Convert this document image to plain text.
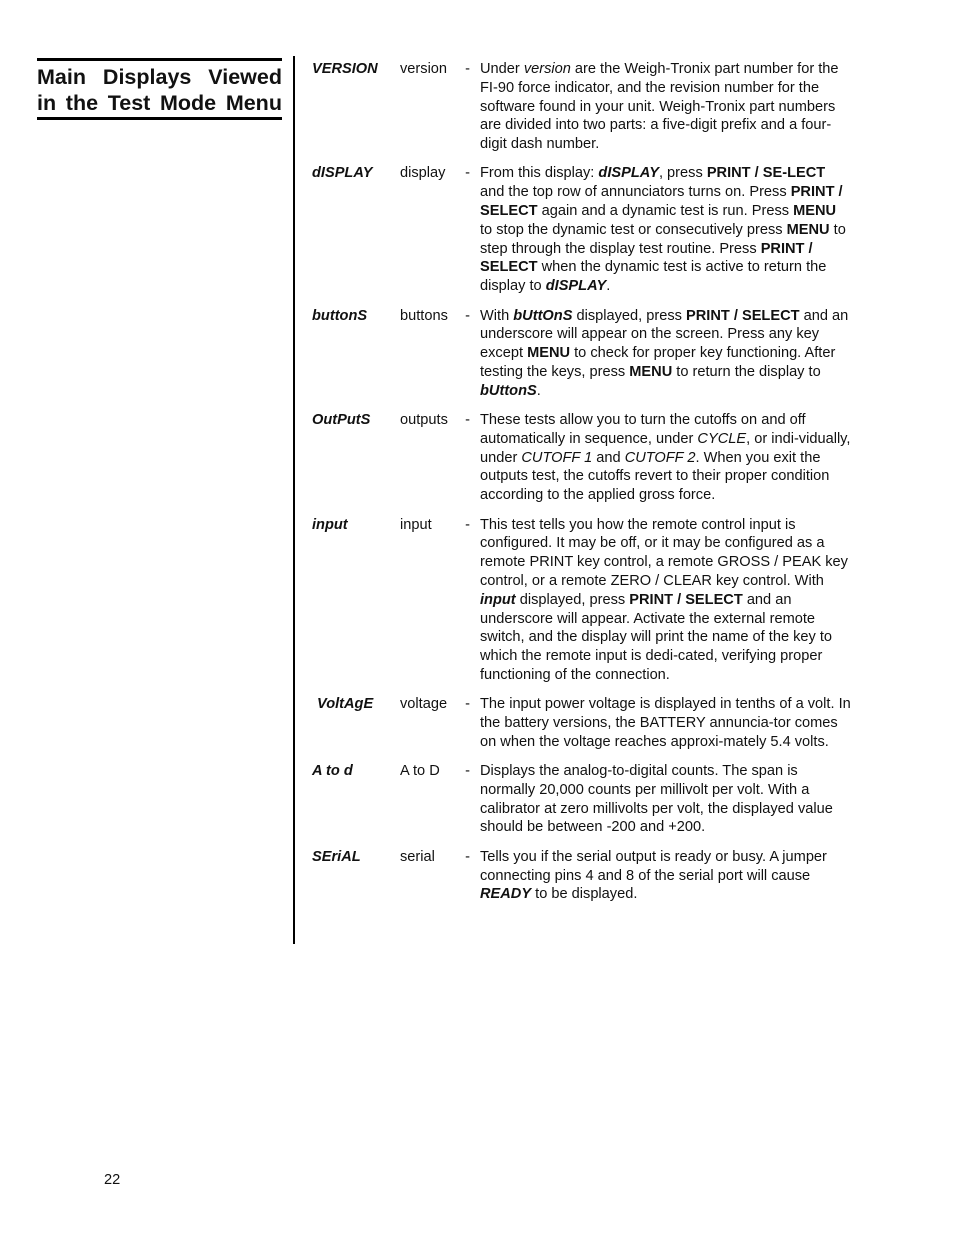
Main Displays Viewed
in the Test Mode Menu
VERSION	version - Under version are the Weigh-Tronix part number for the FI-90 force indicator, and the revision number for the software found in your unit. Weigh-Tronix part numbers are divided into two parts: a five-digit prefix and a four-digit dash number.
dISPLAY	display - From this display: dISPLAY, press PRINT / SE-LECT and the top row of annunciators turns on. Press PRINT / SELECT again and a dynamic test is run. Press MENU to stop the dynamic test or consecutively press MENU to step through the display test routine. Press PRINT / SELECT when the dynamic test is active to return the display to dISPLAY.
buttonS	buttons - With bUttOnS displayed, press PRINT / SELECT and an underscore will appear on the screen. Press any key except MENU to check for proper key functioning. After testing the keys, press MENU to return the display to bUttonS.
OutPutS	outputs - These tests allow you to turn the cutoffs on and off automatically in sequence, under CYCLE, or indi-vidually, under CUTOFF 1 and CUTOFF 2. When you exit the outputs test, the cutoffs revert to their proper condition according to the applied gross force.
input	input - This test tells you how the remote control input is configured. It may be off, or it may be configured as a remote PRINT key control, a remote GROSS / PEAK key control, or a remote ZERO / CLEAR key control. With input displayed, press PRINT / SELECT and an underscore will appear. Activate the external remote switch, and the display will print the name of the key to which the remote input is dedi-cated, verifying proper functioning of the connection.
VoltAgE	voltage - The input power voltage is displayed in tenths of a volt. In the battery versions, the BATTERY annuncia-tor comes on when the voltage reaches approxi-mately 5.4 volts.
A to d	A to D - Displays the analog-to-digital counts. The span is normally 20,000 counts per millivolt per volt. With a calibrator at zero millivolts per volt, the displayed value should be between -200 and +200.
SEriAL	serial - Tells you if the serial output is ready or busy. A jumper connecting pins 4 and 8 of the serial port will cause READY to be displayed.
22
